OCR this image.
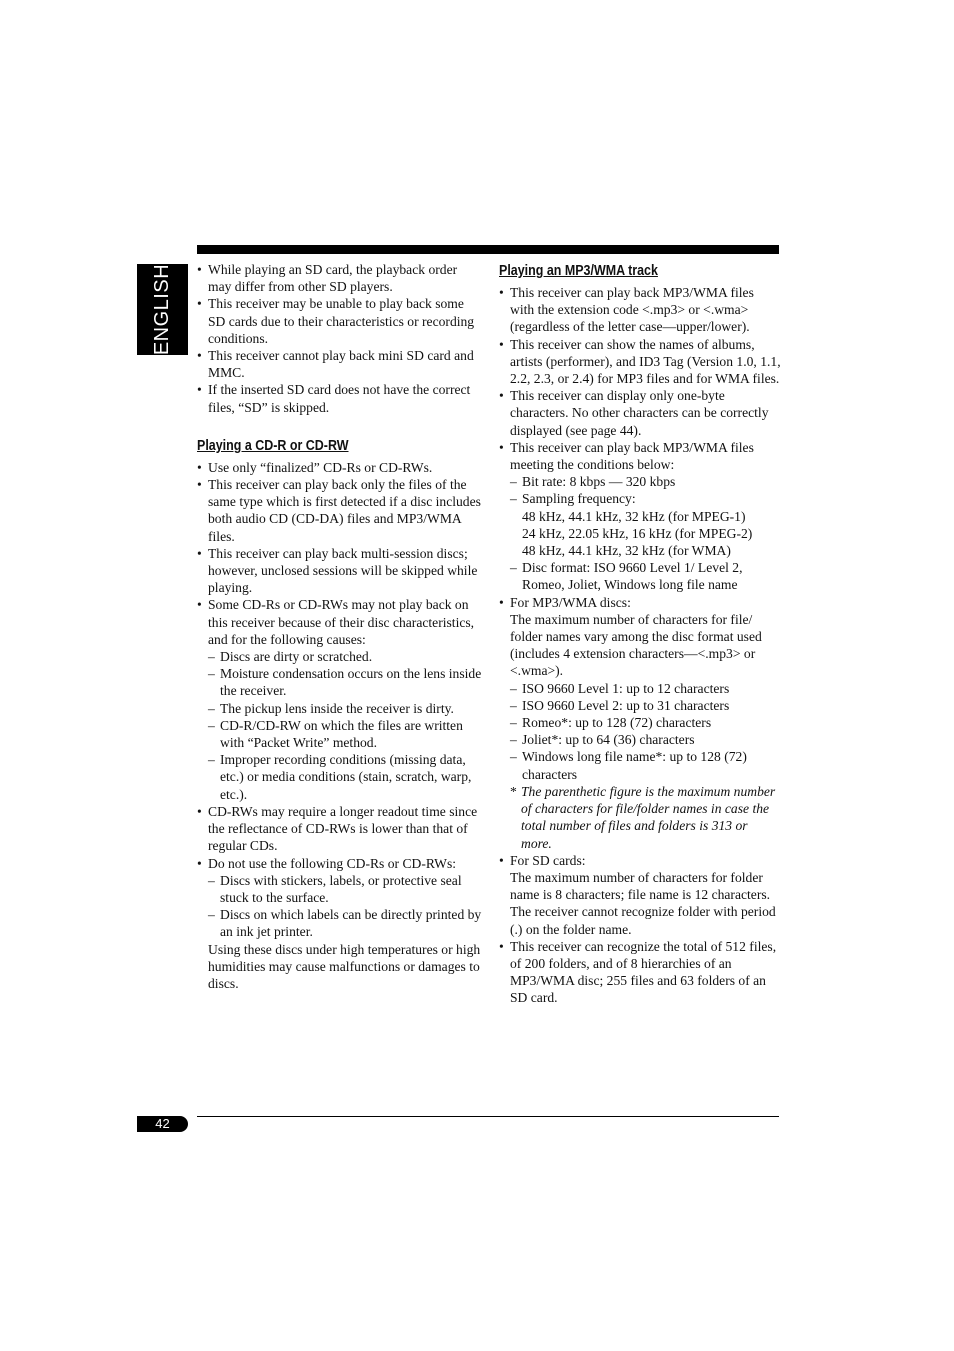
ENGLISH
•	While playing an SD card, the playback order may differ from other SD players.
• This receiver may be unable to play back some SD cards due to their characteristics or recording conditions.
• This receiver cannot play back mini SD card and MMC.
• If the inserted SD card does not have the correct files, “SD” is skipped.
Playing a CD-R or CD-RW
• Use only “finalized” CD-Rs or CD-RWs.
• This receiver can play back only the files of the same type which is first detected if a disc includes both audio CD (CD-DA) files and MP3/WMA files.
• This receiver can play back multi-session discs; however, unclosed sessions will be skipped while playing.
• Some CD-Rs or CD-RWs may not play back on this receiver because of their disc characteristics, and for the following causes:
– Discs are dirty or scratched.
– Moisture condensation occurs on the lens inside the receiver.
– The pickup lens inside the receiver is dirty.
– CD-R/CD-RW on which the files are written with “Packet Write” method.
– Improper recording conditions (missing data, etc.) or media conditions (stain, scratch, warp, etc.).
• CD-RWs may require a longer readout time since the reflectance of CD-RWs is lower than that of regular CDs.
• Do not use the following CD-Rs or CD-RWs:
– Discs with stickers, labels, or protective seal stuck to the surface.
– Discs on which labels can be directly printed by an ink jet printer.
Using these discs under high temperatures or high humidities may cause malfunctions or damages to discs.
Playing an MP3/WMA track
• This receiver can play back MP3/WMA files with the extension code <.mp3> or <.wma> (regardless of the letter case—upper/lower).
• This receiver can show the names of albums, artists (performer), and ID3 Tag (Version 1.0, 1.1, 2.2, 2.3, or 2.4) for MP3 files and for WMA files.
• This receiver can display only one-byte characters. No other characters can be correctly displayed (see page 44).
• This receiver can play back MP3/WMA files meeting the conditions below:
– Bit rate: 8 kbps — 320 kbps
– Sampling frequency:
48 kHz, 44.1 kHz, 32 kHz (for MPEG-1)
24 kHz, 22.05 kHz, 16 kHz (for MPEG-2)
48 kHz, 44.1 kHz, 32 kHz (for WMA)
– Disc format: ISO 9660 Level 1/ Level 2, Romeo, Joliet, Windows long file name
• For MP3/WMA discs:
The maximum number of characters for file/ folder names vary among the disc format used (includes 4 extension characters—<.mp3> or <.wma>).
– ISO 9660 Level 1: up to 12 characters
– ISO 9660 Level 2: up to 31 characters
– Romeo*: up to 128 (72) characters
– Joliet*: up to 64 (36) characters
– Windows long file name*: up to 128 (72) characters
* The parenthetic figure is the maximum number of characters for file/folder names in case the total number of files and folders is 313 or more.
• For SD cards:
The maximum number of characters for folder name is 8 characters; file name is 12 characters.
The receiver cannot recognize folder with period (.) on the folder name.
• This receiver can recognize the total of 512 files, of 200 folders, and of 8 hierarchies of an MP3/WMA disc; 255 files and 63 folders of an SD card.
42
